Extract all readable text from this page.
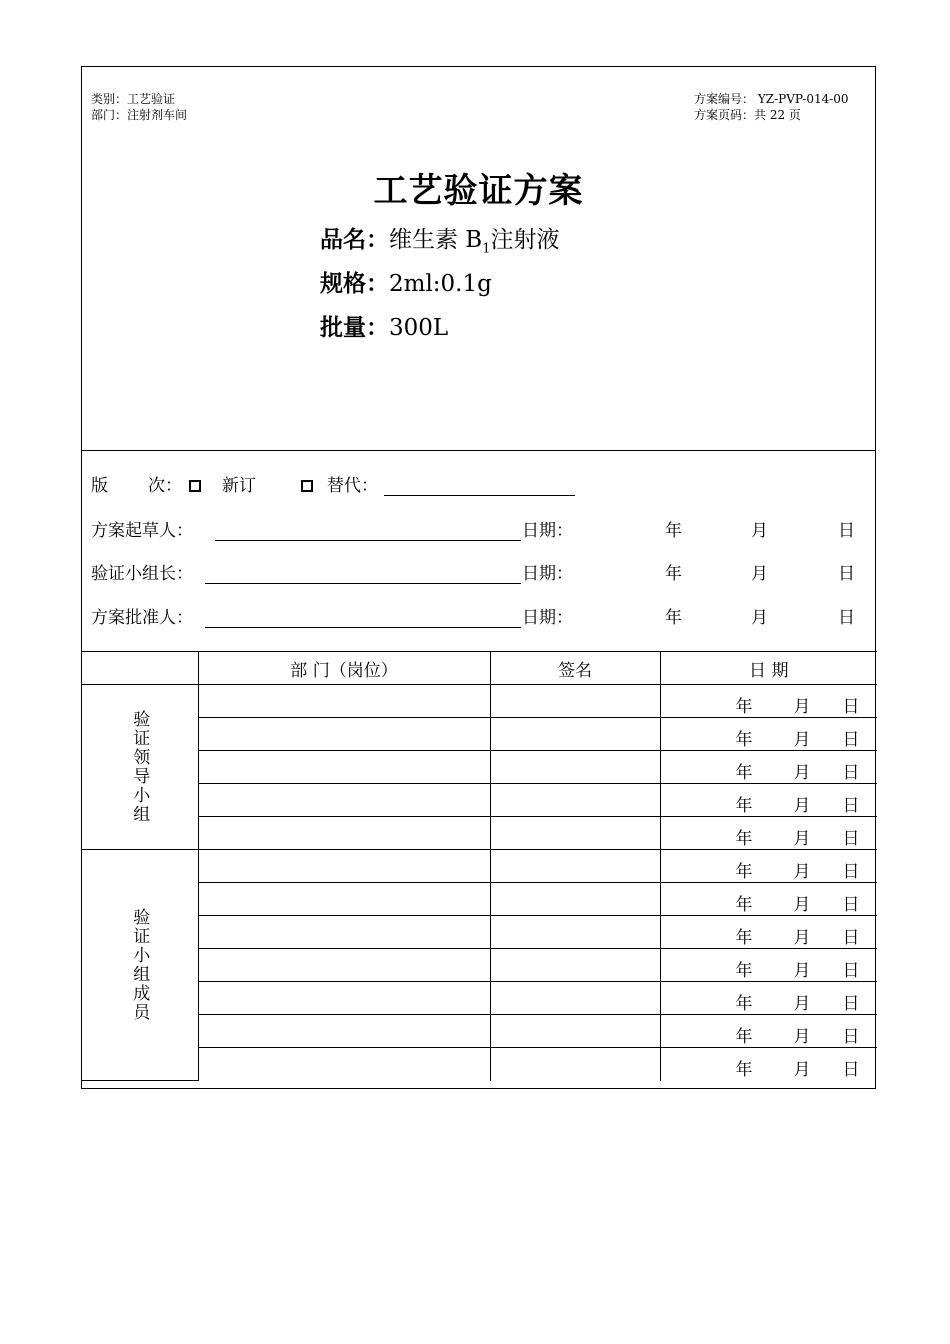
类别：工艺验证
部门：注射剂车间
方案编号： YZ-PVP-014-00
方案页码：共 22 页
工艺验证方案
品名：维生素 $B_1$注射液
规格：2ml:0.1g
批量：300L
版 次： 新订	替代：
方案起草人：	日期：	年	月	日
验证小组长：	日期：	年	月	日
方案批准人：	日期：	年	月	日
	部 门（岗位）	签名	日 期

验证领导小组			年 月 日

			年 月 日

			年 月 日

			年 月 日

			年 月 日

验证小组成员			年 月 日

			年 月 日

			年 月 日

			年 月 日

			年 月 日

			年 月 日

			年 月 日
